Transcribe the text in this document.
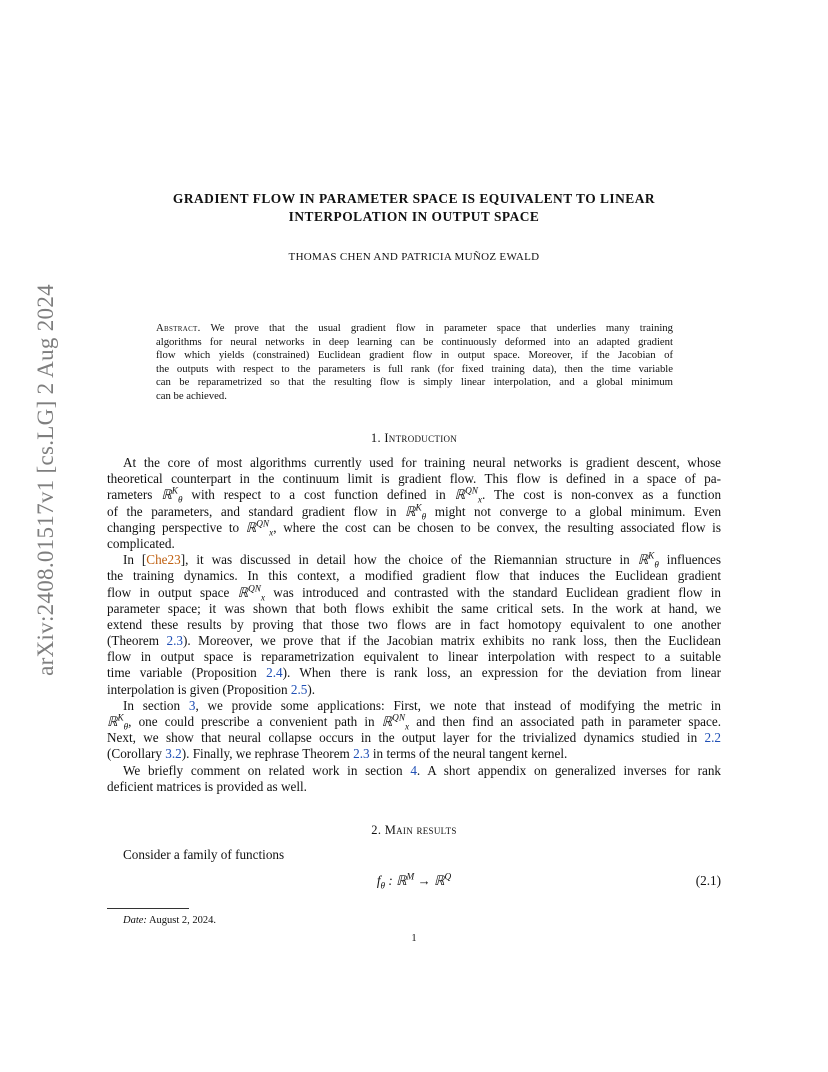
arXiv:2408.01517v1 [cs.LG] 2 Aug 2024
GRADIENT FLOW IN PARAMETER SPACE IS EQUIVALENT TO LINEAR
INTERPOLATION IN OUTPUT SPACE
THOMAS CHEN AND PATRICIA MUÑOZ EWALD
Abstract. We prove that the usual gradient flow in parameter space that underlies many training
algorithms for neural networks in deep learning can be continuously deformed into an adapted gradient
flow which yields (constrained) Euclidean gradient flow in output space. Moreover, if the Jacobian of
the outputs with respect to the parameters is full rank (for fixed training data), then the time variable
can be reparametrized so that the resulting flow is simply linear interpolation, and a global minimum
can be achieved.
1. Introduction
At the core of most algorithms currently used for training neural networks is gradient descent, whose
theoretical counterpart in the continuum limit is gradient flow. This flow is defined in a space of pa-
rameters ℝ$^K_\theta$ with respect to a cost function defined in ℝ$^{QN}_x$. The cost is non-convex as a function
of the parameters, and standard gradient flow in ℝ$^K_\theta$ might not converge to a global minimum. Even
changing perspective to ℝ$^{QN}_x$, where the cost can be chosen to be convex, the resulting associated flow is
complicated.
In [Che23], it was discussed in detail how the choice of the Riemannian structure in ℝ$^K_\theta$ influences
the training dynamics. In this context, a modified gradient flow that induces the Euclidean gradient
flow in output space ℝ$^{QN}_x$ was introduced and contrasted with the standard Euclidean gradient flow in
parameter space; it was shown that both flows exhibit the same critical sets. In the work at hand, we
extend these results by proving that those two flows are in fact homotopy equivalent to one another
(Theorem 2.3). Moreover, we prove that if the Jacobian matrix exhibits no rank loss, then the Euclidean
flow in output space is reparametrization equivalent to linear interpolation with respect to a suitable
time variable (Proposition 2.4). When there is rank loss, an expression for the deviation from linear
interpolation is given (Proposition 2.5).
In section 3, we provide some applications: First, we note that instead of modifying the metric in
ℝ$^K_\theta$, one could prescribe a convenient path in ℝ$^{QN}_x$ and then find an associated path in parameter space.
Next, we show that neural collapse occurs in the output layer for the trivialized dynamics studied in 2.2
(Corollary 3.2). Finally, we rephrase Theorem 2.3 in terms of the neural tangent kernel.
We briefly comment on related work in section 4. A short appendix on generalized inverses for rank
deficient matrices is provided as well.
2. Main results
Consider a family of functions
$f_\theta$ : ℝ$^M$ → ℝ$^Q$	(2.1)
Date: August 2, 2024.
1
